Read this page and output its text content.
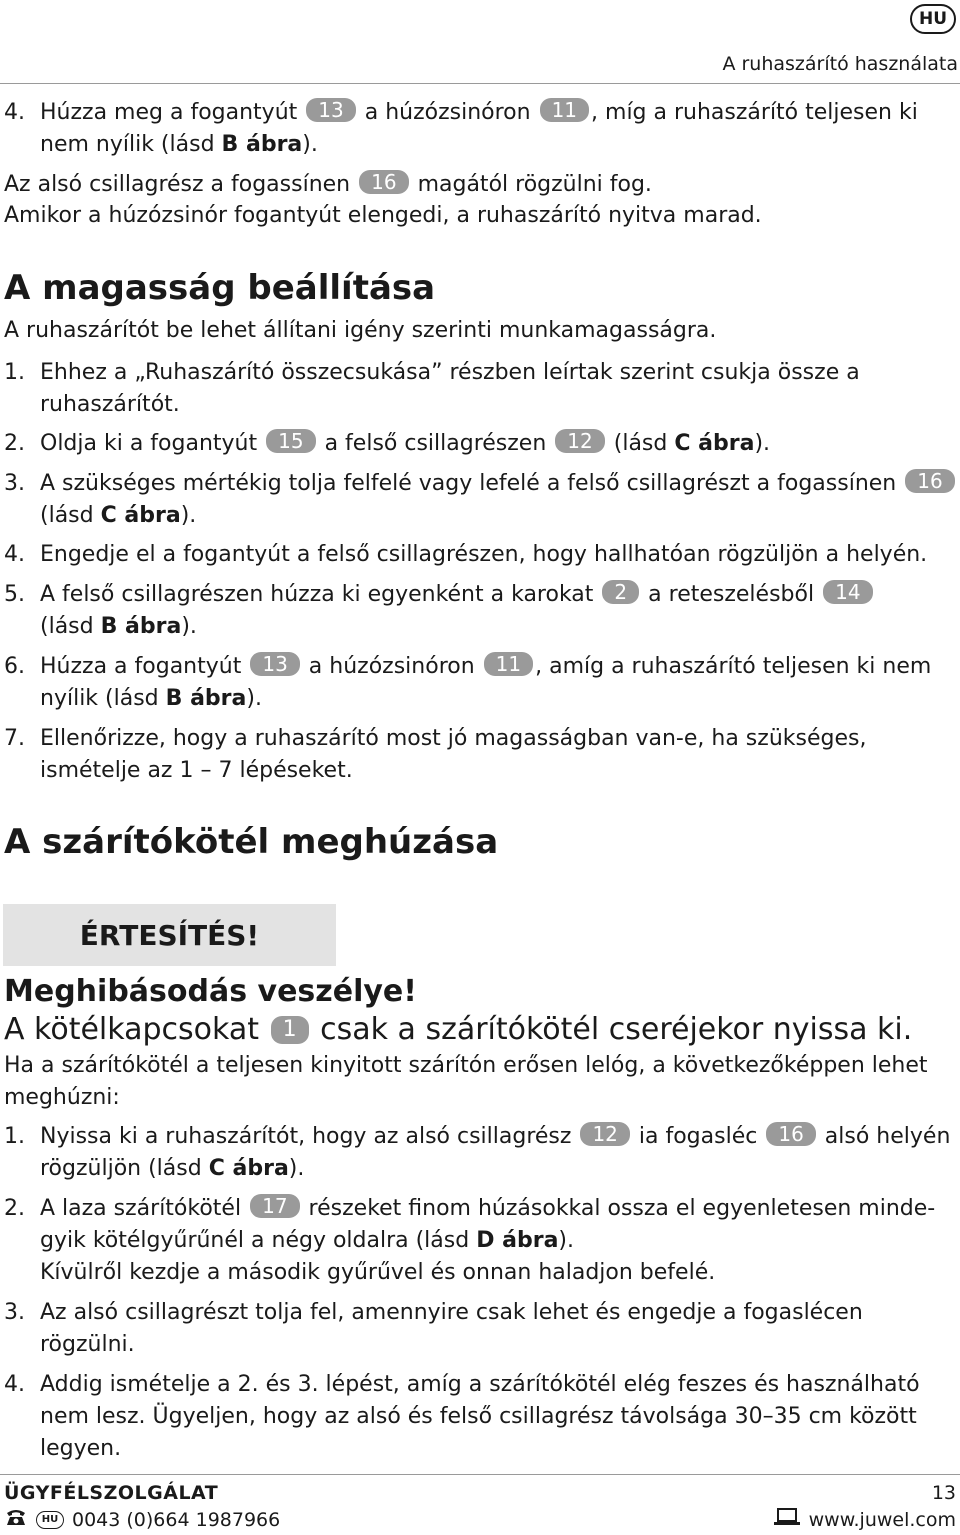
HU
A ruhaszárító használata
4. Húzza meg a fogantyút 13 a húzózsinóron 11 , míg a ruhaszárító teljesen ki
nem nyílik (lásd B ábra).
Az alsó csillagrész a fogassínen 16 magától rögzülni fog.
Amikor a húzózsinór fogantyút elengedi, a ruhaszárító nyitva marad.
A magasság beállítása
A ruhaszárítót be lehet állítani igény szerinti munkamagasságra.
1. Ehhez a „Ruhaszárító összecsukása” részben leírtak szerint csukja össze a
ruhaszárítót.
2. Oldja ki a fogantyút 15 a felső csillagrészen 12 (lásd C ábra).
3. A szükséges mértékig tolja felfelé vagy lefelé a felső csillagrészt a fogassínen 16
(lásd C ábra).
4. Engedje el a fogantyút a felső csillagrészen, hogy hallhatóan rögzüljön a helyén.
5. A felső csillagrészen húzza ki egyenként a karokat 2 a reteszelésből 14
(lásd B ábra).
6. Húzza a fogantyút 13 a húzózsinóron 11 , amíg a ruhaszárító teljesen ki nem
nyílik (lásd B ábra).
7. Ellenőrizze, hogy a ruhaszárító most jó magasságban van-e, ha szükséges,
ismételje az 1 – 7 lépéseket.
A szárítókötél meghúzása
ÉRTESÍTÉS!
Meghibásodás veszélye!
A kötélkapcsokat 1 csak a szárítókötél cseréjekor nyissa ki.
Ha a szárítókötél a teljesen kinyitott szárítón erősen lelóg, a következőképpen lehet
meghúzni:
1. Nyissa ki a ruhaszárítót, hogy az alsó csillagrész 12 ia fogasléc 16 alsó helyén
rögzüljön (lásd C ábra).
2. A laza szárítókötél 17 részeket finom húzásokkal ossza el egyenletesen minde-
gyik kötélgyűrűnél a négy oldalra (lásd D ábra).
Kívülről kezdje a második gyűrűvel és onnan haladjon befelé.
3. Az alsó csillagrészt tolja fel, amennyire csak lehet és engedje a fogaslécen
rögzülni.
4. Addig ismételje a 2. és 3. lépést, amíg a szárítókötél elég feszes és használható
nem lesz. Ügyeljen, hogy az alsó és felső csillagrész távolsága 30–35 cm között
legyen.
ÜGYFÉLSZOLGÁLAT
HU 0043 (0)664 1987966
13
www.juwel.com
